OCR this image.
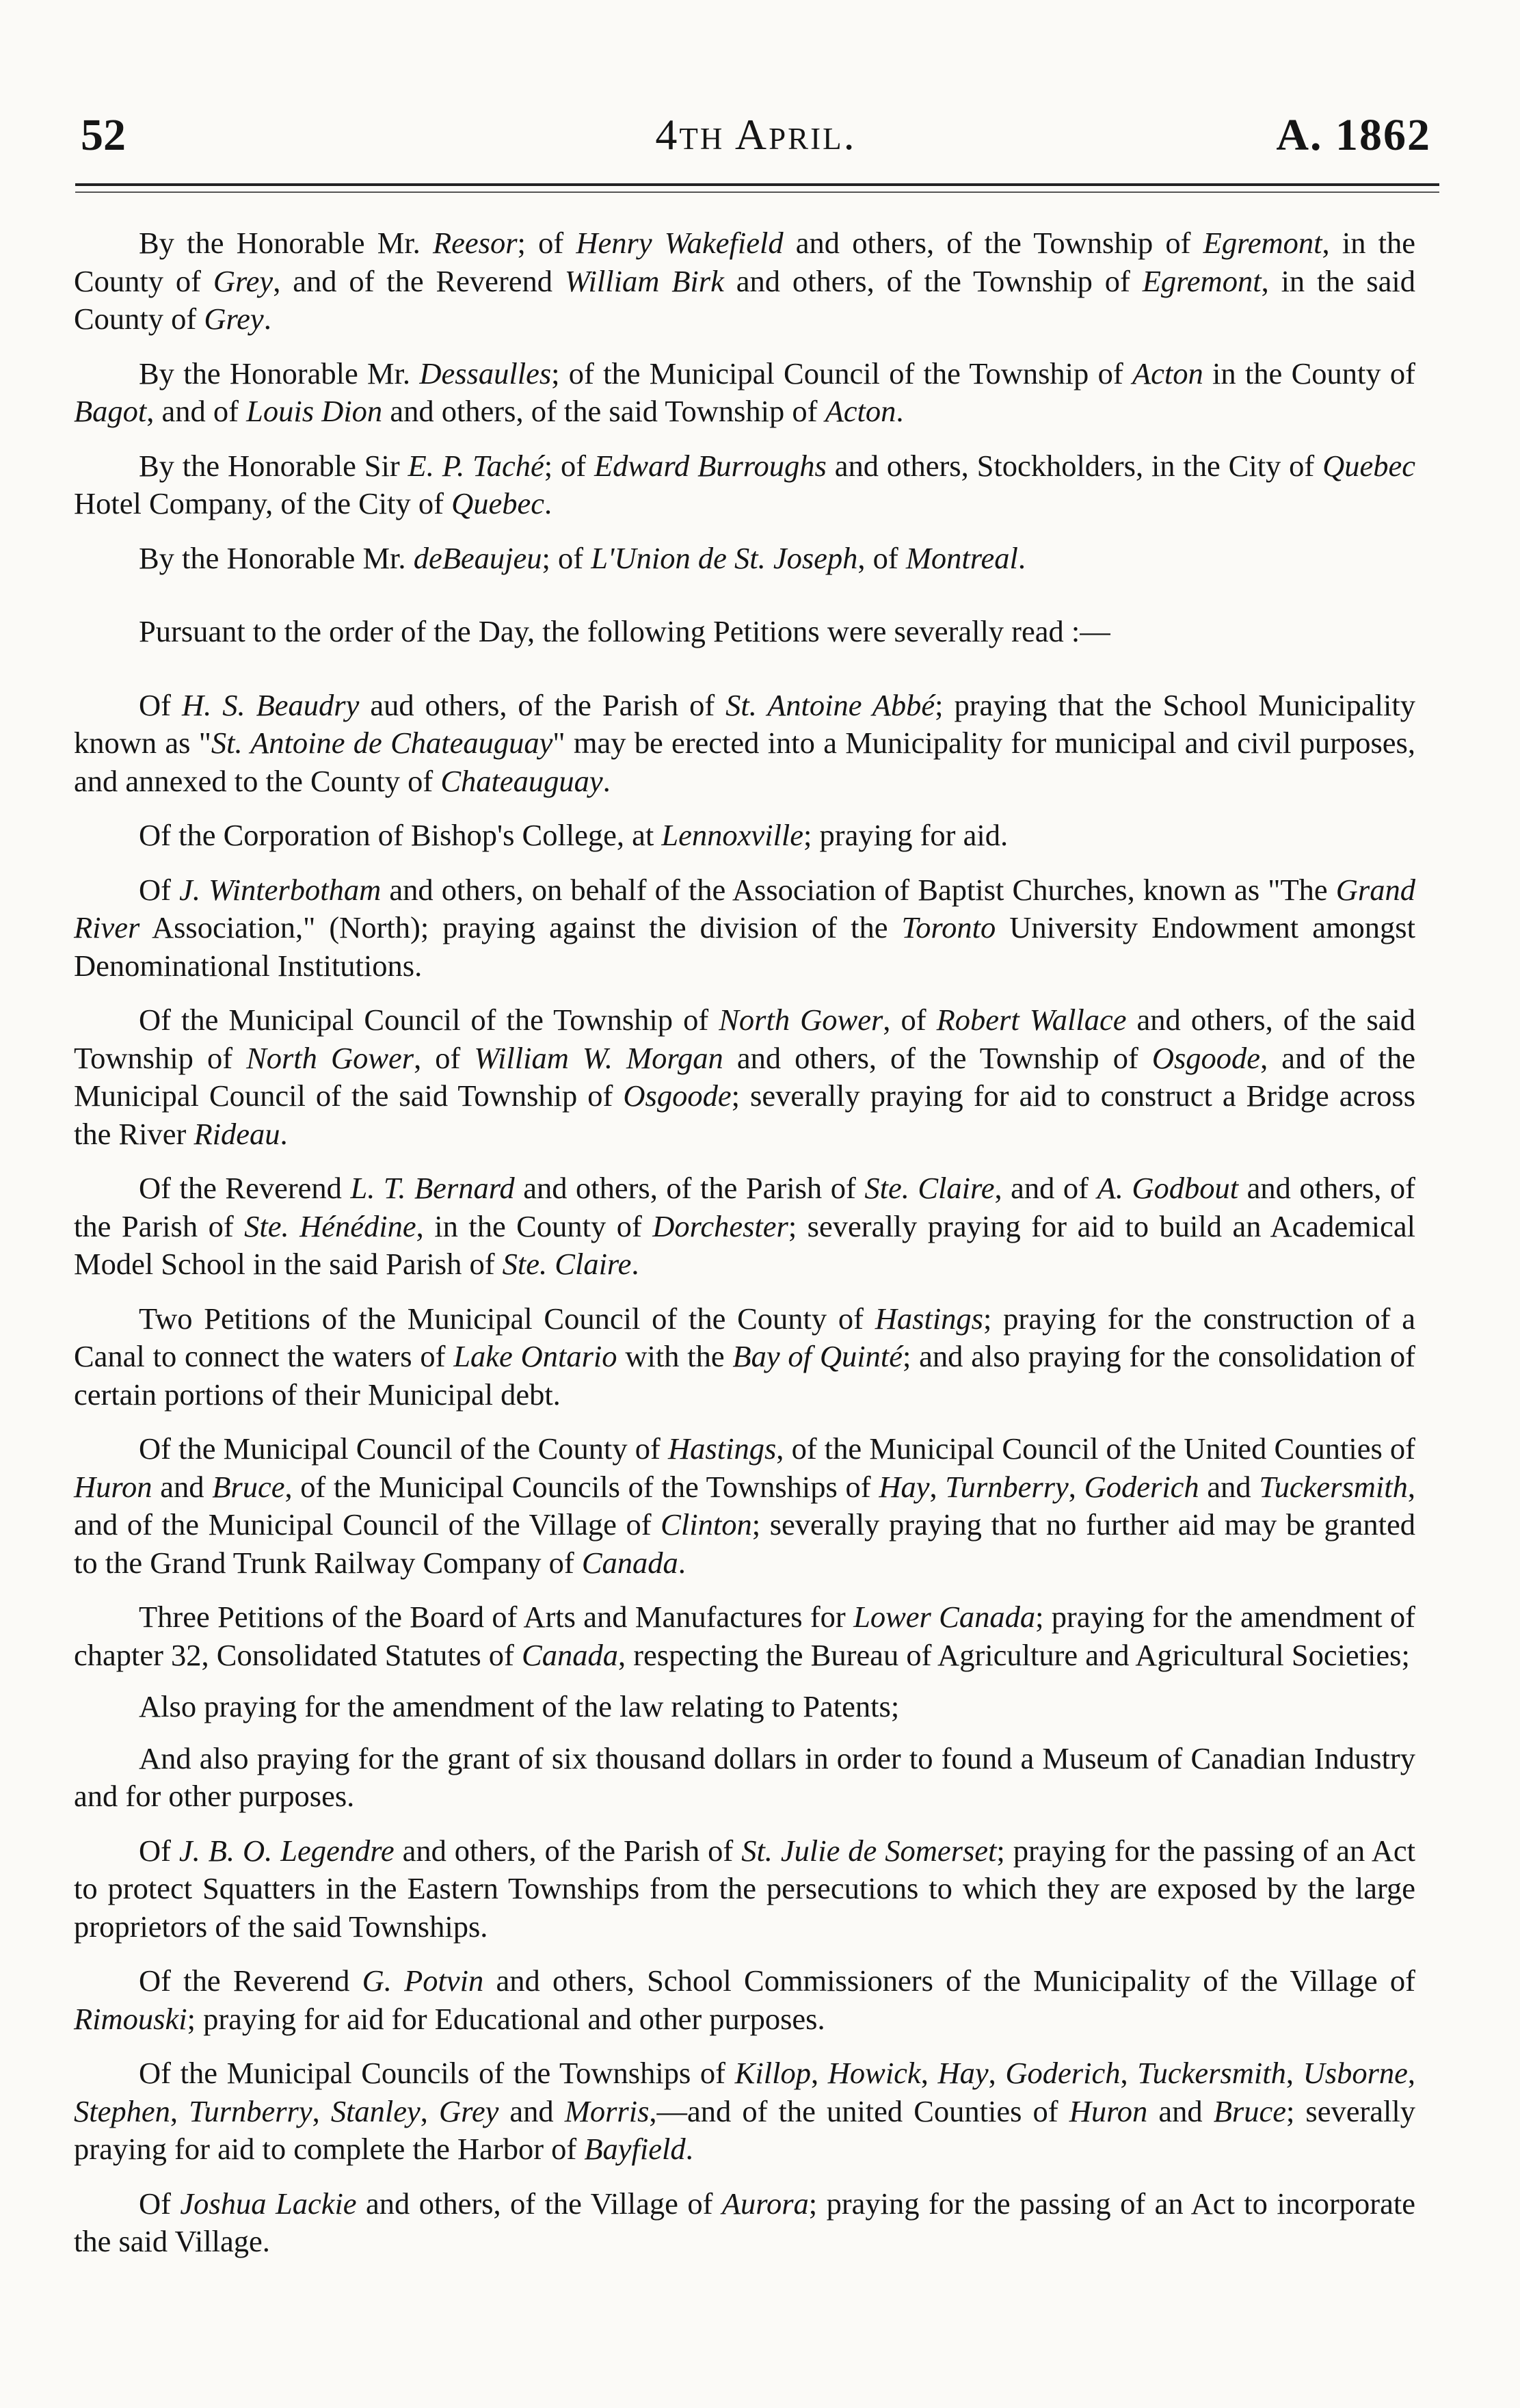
52	4th April.	A. 1862

By the Honorable Mr. Reesor; of Henry Wakefield and others, of the Township of Egremont, in the County of Grey, and of the Reverend William Birk and others, of the Township of Egremont, in the said County of Grey.

By the Honorable Mr. Dessaulles; of the Municipal Council of the Township of Acton in the County of Bagot, and of Louis Dion and others, of the said Township of Acton.

By the Honorable Sir E. P. Taché; of Edward Burroughs and others, Stockholders, in the City of Quebec Hotel Company, of the City of Quebec.

By the Honorable Mr. deBeaujeu; of L'Union de St. Joseph, of Montreal.

Pursuant to the order of the Day, the following Petitions were severally read :—

Of H. S. Beaudry aud others, of the Parish of St. Antoine Abbé; praying that the School Municipality known as "St. Antoine de Chateauguay" may be erected into a Municipality for municipal and civil purposes, and annexed to the County of Chateauguay.

Of the Corporation of Bishop's College, at Lennoxville; praying for aid.

Of J. Winterbotham and others, on behalf of the Association of Baptist Churches, known as "The Grand River Association," (North); praying against the division of the Toronto University Endowment amongst Denominational Institutions.

Of the Municipal Council of the Township of North Gower, of Robert Wallace and others, of the said Township of North Gower, of William W. Morgan and others, of the Township of Osgoode, and of the Municipal Council of the said Township of Osgoode; severally praying for aid to construct a Bridge across the River Rideau.

Of the Reverend L. T. Bernard and others, of the Parish of Ste. Claire, and of A. Godbout and others, of the Parish of Ste. Hénédine, in the County of Dorchester; severally praying for aid to build an Academical Model School in the said Parish of Ste. Claire.

Two Petitions of the Municipal Council of the County of Hastings; praying for the construction of a Canal to connect the waters of Lake Ontario with the Bay of Quinté; and also praying for the consolidation of certain portions of their Municipal debt.

Of the Municipal Council of the County of Hastings, of the Municipal Council of the United Counties of Huron and Bruce, of the Municipal Councils of the Townships of Hay, Turnberry, Goderich and Tuckersmith, and of the Municipal Council of the Village of Clinton; severally praying that no further aid may be granted to the Grand Trunk Railway Company of Canada.

Three Petitions of the Board of Arts and Manufactures for Lower Canada; praying for the amendment of chapter 32, Consolidated Statutes of Canada, respecting the Bureau of Agriculture and Agricultural Societies;

Also praying for the amendment of the law relating to Patents;

And also praying for the grant of six thousand dollars in order to found a Museum of Canadian Industry and for other purposes.

Of J. B. O. Legendre and others, of the Parish of St. Julie de Somerset; praying for the passing of an Act to protect Squatters in the Eastern Townships from the persecutions to which they are exposed by the large proprietors of the said Townships.

Of the Reverend G. Potvin and others, School Commissioners of the Municipality of the Village of Rimouski; praying for aid for Educational and other purposes.

Of the Municipal Councils of the Townships of Killop, Howick, Hay, Goderich, Tuckersmith, Usborne, Stephen, Turnberry, Stanley, Grey and Morris,—and of the united Counties of Huron and Bruce; severally praying for aid to complete the Harbor of Bayfield.

Of Joshua Lackie and others, of the Village of Aurora; praying for the passing of an Act to incorporate the said Village.
